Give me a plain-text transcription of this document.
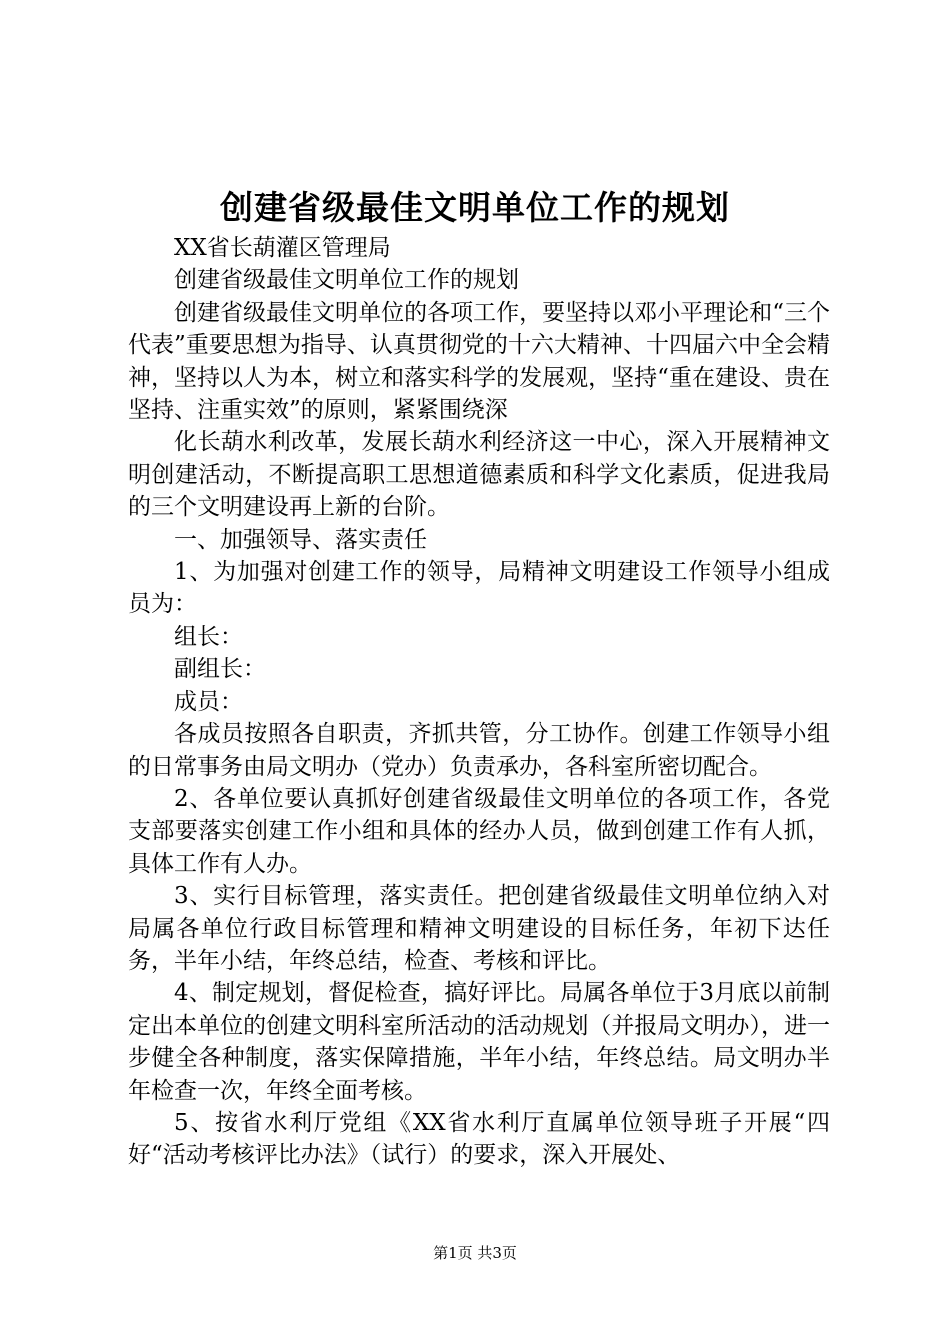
创建省级最佳文明单位工作的规划

XX省长葫灌区管理局

创建省级最佳文明单位工作的规划

创建省级最佳文明单位的各项工作，要坚持以邓小平理论和“三个代表”重要思想为指导、认真贯彻党的十六大精神、十四届六中全会精神，坚持以人为本，树立和落实科学的发展观，坚持“重在建设、贵在坚持、注重实效”的原则，紧紧围绕深

化长葫水利改革，发展长葫水利经济这一中心，深入开展精神文明创建活动，不断提高职工思想道德素质和科学文化素质，促进我局的三个文明建设再上新的台阶。

一、加强领导、落实责任

1、为加强对创建工作的领导，局精神文明建设工作领导小组成员为：

组长：

副组长：

成员：

各成员按照各自职责，齐抓共管，分工协作。创建工作领导小组的日常事务由局文明办（党办）负责承办，各科室所密切配合。

2、各单位要认真抓好创建省级最佳文明单位的各项工作，各党支部要落实创建工作小组和具体的经办人员，做到创建工作有人抓，具体工作有人办。

3、实行目标管理，落实责任。把创建省级最佳文明单位纳入对局属各单位行政目标管理和精神文明建设的目标任务，年初下达任务，半年小结，年终总结，检查、考核和评比。

4、制定规划，督促检查，搞好评比。局属各单位于3月底以前制定出本单位的创建文明科室所活动的活动规划（并报局文明办），进一步健全各种制度，落实保障措施，半年小结，年终总结。局文明办半年检查一次，年终全面考核。

5、按省水利厅党组《XX省水利厅直属单位领导班子开展“四好“活动考核评比办法》（试行）的要求，深入开展处、

第1页 共3页
